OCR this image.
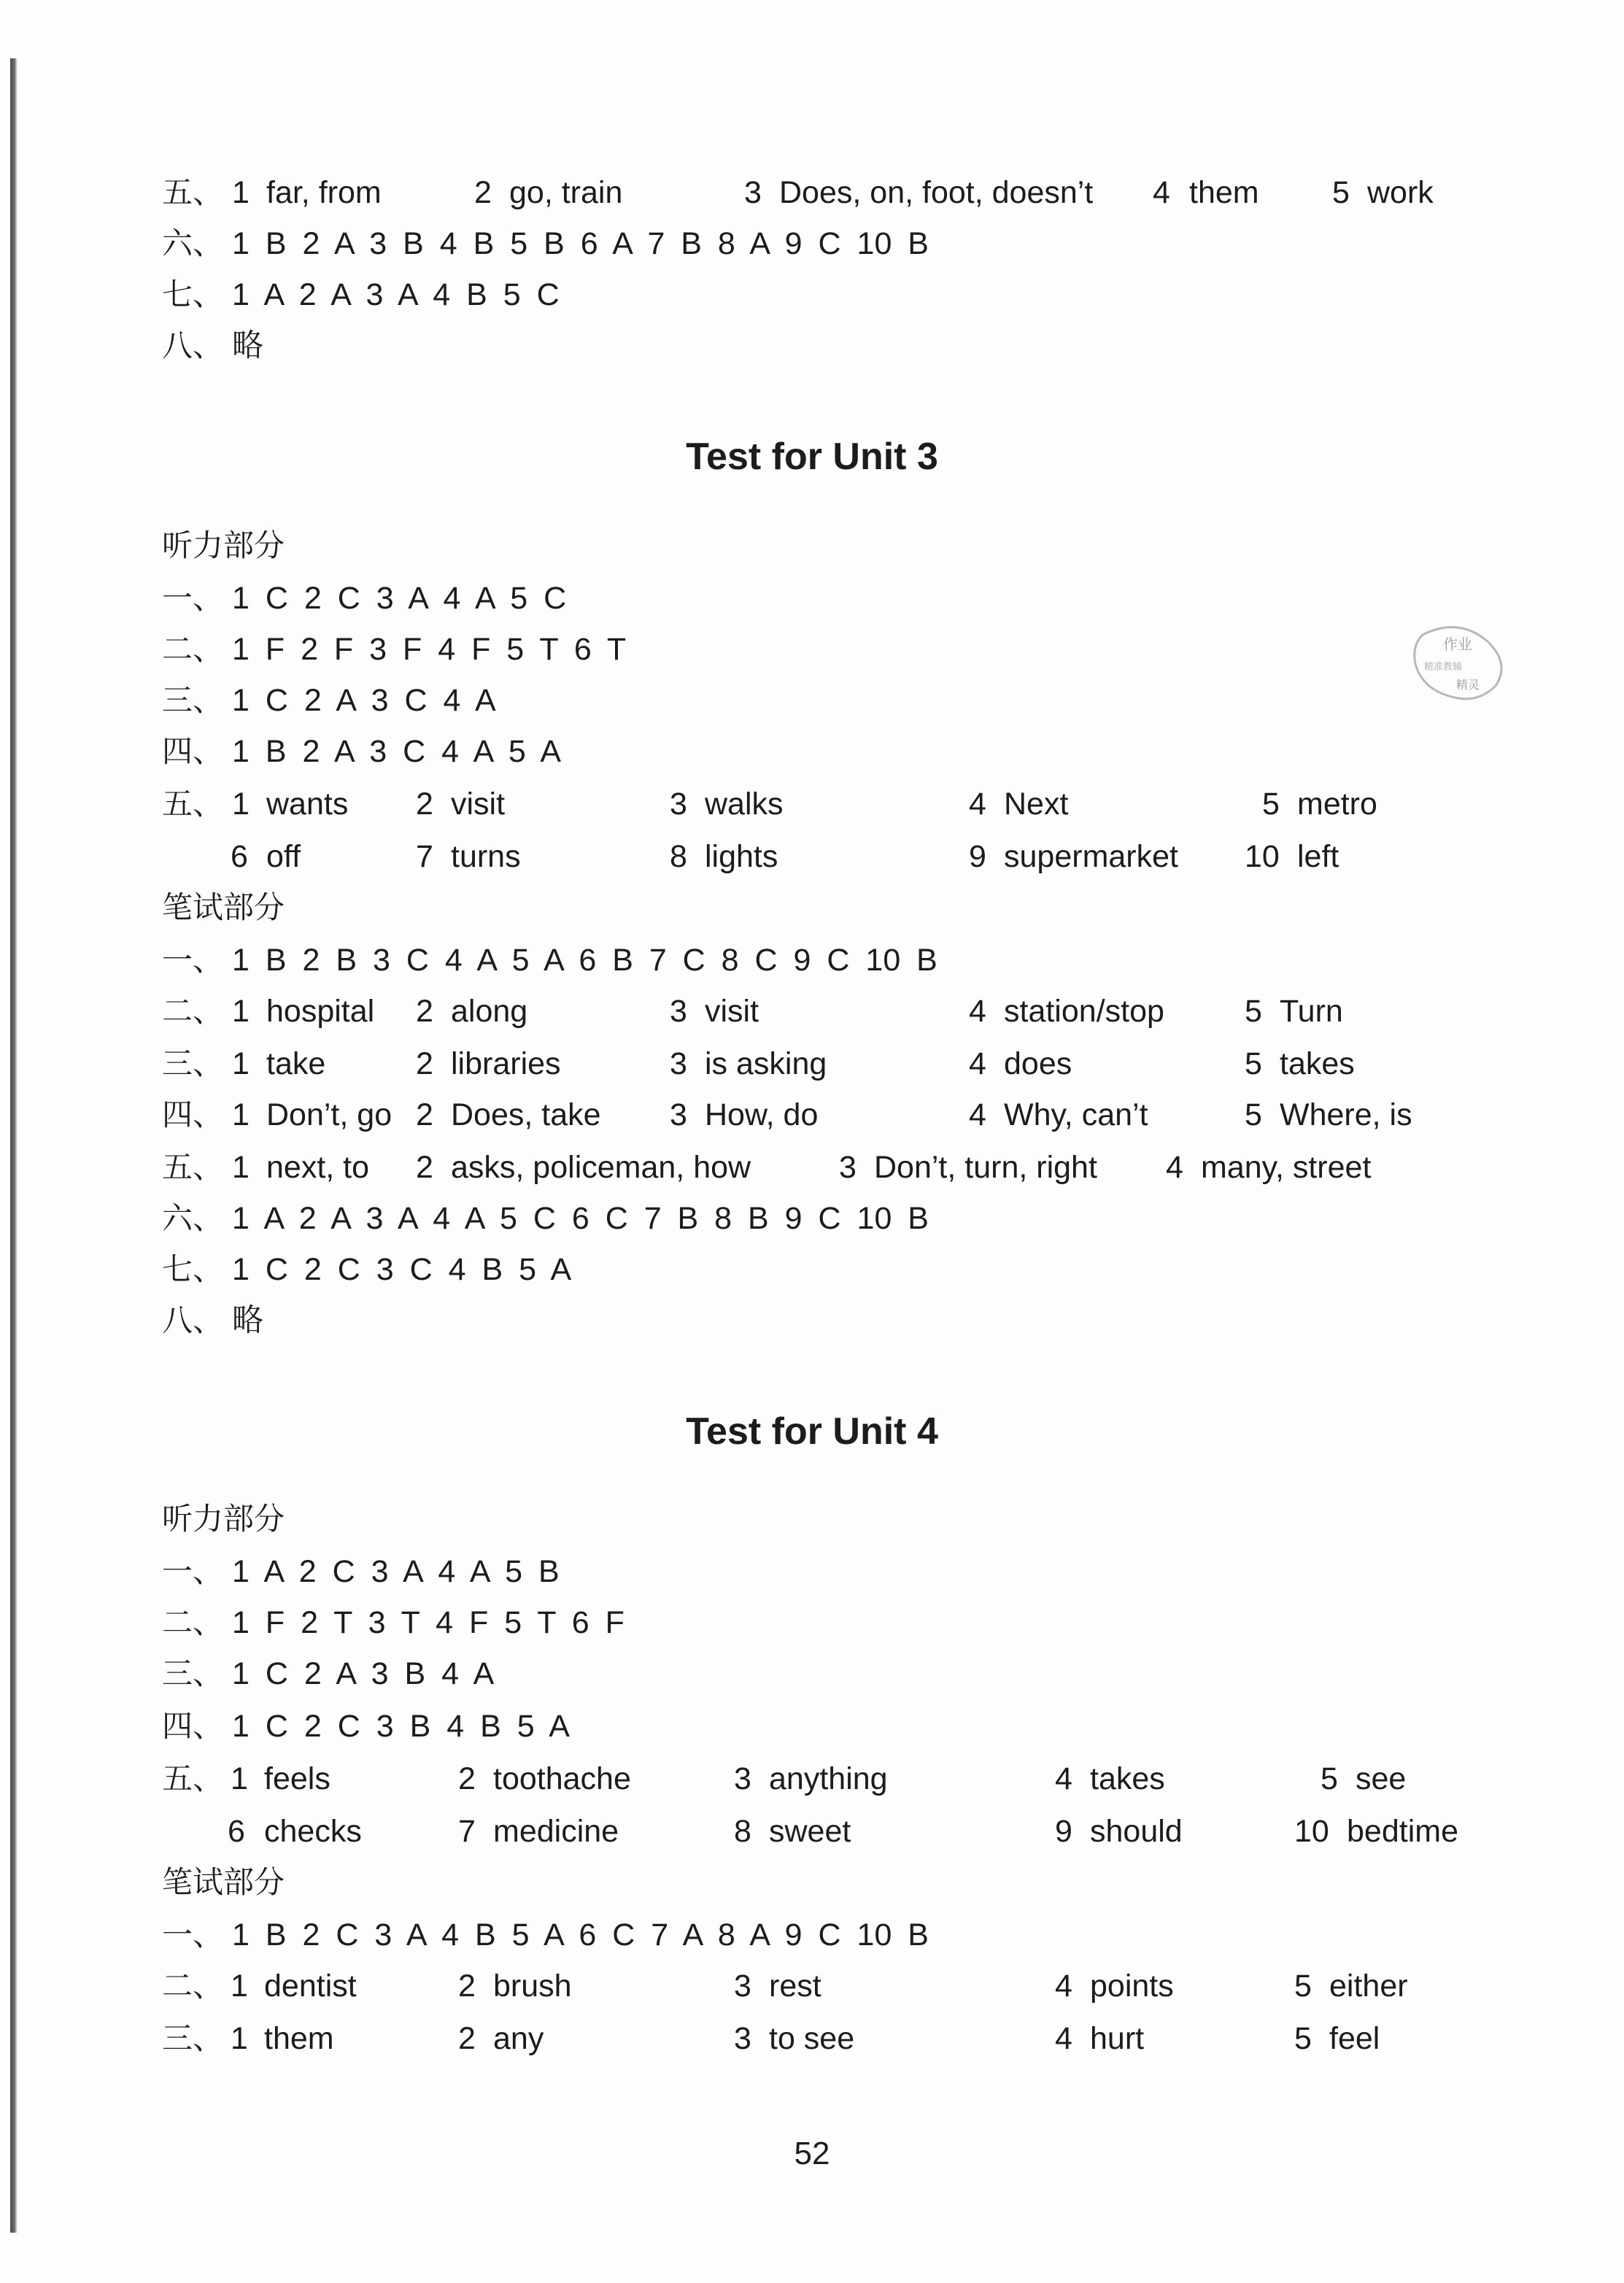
五、 1 far, from	2 go, train	3 Does, on, foot, doesn’t 4 them 5 work
六、 1 B 2 A 3 B 4 B 5 B 6 A 7 B 8 A 9 C 10 B
七、 1 A 2 A 3 A 4 B 5 C
八、 略
Test for Unit 3
听力部分
一、 1 C 2 C 3 A 4 A 5 C
二、 1 F 2 F 3 F 4 F 5 T 6 T
三、 1 C 2 A 3 C 4 A
四、 1 B 2 A 3 C 4 A 5 A
五、 1 wants 2 visit	3 walks	4 Next	5 metro
6 off	7 turns	8 lights	9 supermarket 10 left
笔试部分
一、 1 B 2 B 3 C 4 A 5 A 6 B 7 C 8 C 9 C 10 B
二、 1 hospital 2 along	3 visit	4 station/stop	5 Turn
三、 1 take	2 libraries	3 is asking	4 does	5 takes
四、 1 Don’t, go 2 Does, take 3 How, do	4 Why, can’t	5 Where, is
五、 1 next, to 2 asks, policeman, how	3 Don’t, turn, right 4 many, street
六、 1 A 2 A 3 A 4 A 5 C 6 C 7 B 8 B 9 C 10 B
七、 1 C 2 C 3 C 4 B 5 A
八、 略
Test for Unit 4
听力部分
一、 1 A 2 C 3 A 4 A 5 B
二、 1 F 2 T 3 T 4 F 5 T 6 F
三、 1 C 2 A 3 B 4 A
四、 1 C 2 C 3 B 4 B 5 A
五、 1 feels	2 toothache	3 anything	4 takes	5 see
6 checks	7 medicine	8 sweet	9 should	10 bedtime
笔试部分
一、 1 B 2 C 3 A 4 B 5 A 6 C 7 A 8 A 9 C 10 B
二、 1 dentist	2 brush	3 rest	4 points	5 either
三、 1 them	2 any	3 to see	4 hurt	5 feel
52
作业
精准教辅
精灵
